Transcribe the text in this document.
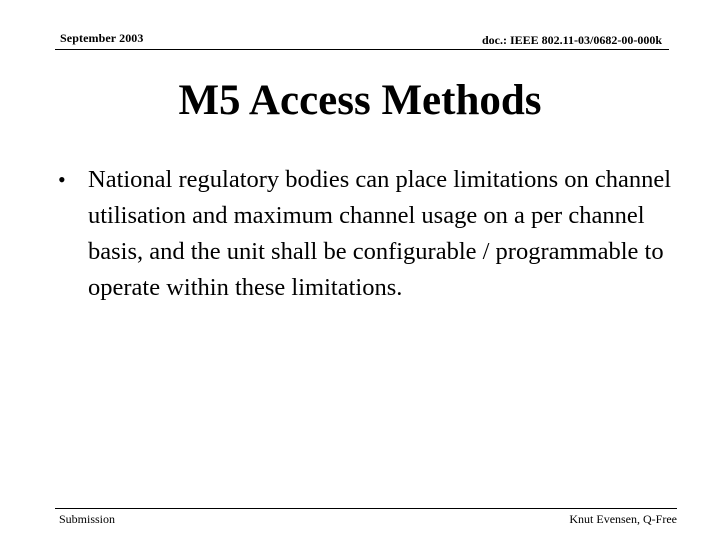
September 2003	doc.: IEEE 802.11-03/0682-00-000k
M5 Access Methods
• National regulatory bodies can place limitations on channel utilisation and maximum channel usage on a per channel basis, and the unit shall be configurable / programmable to operate within these limitations.
Submission	Knut Evensen, Q-Free
